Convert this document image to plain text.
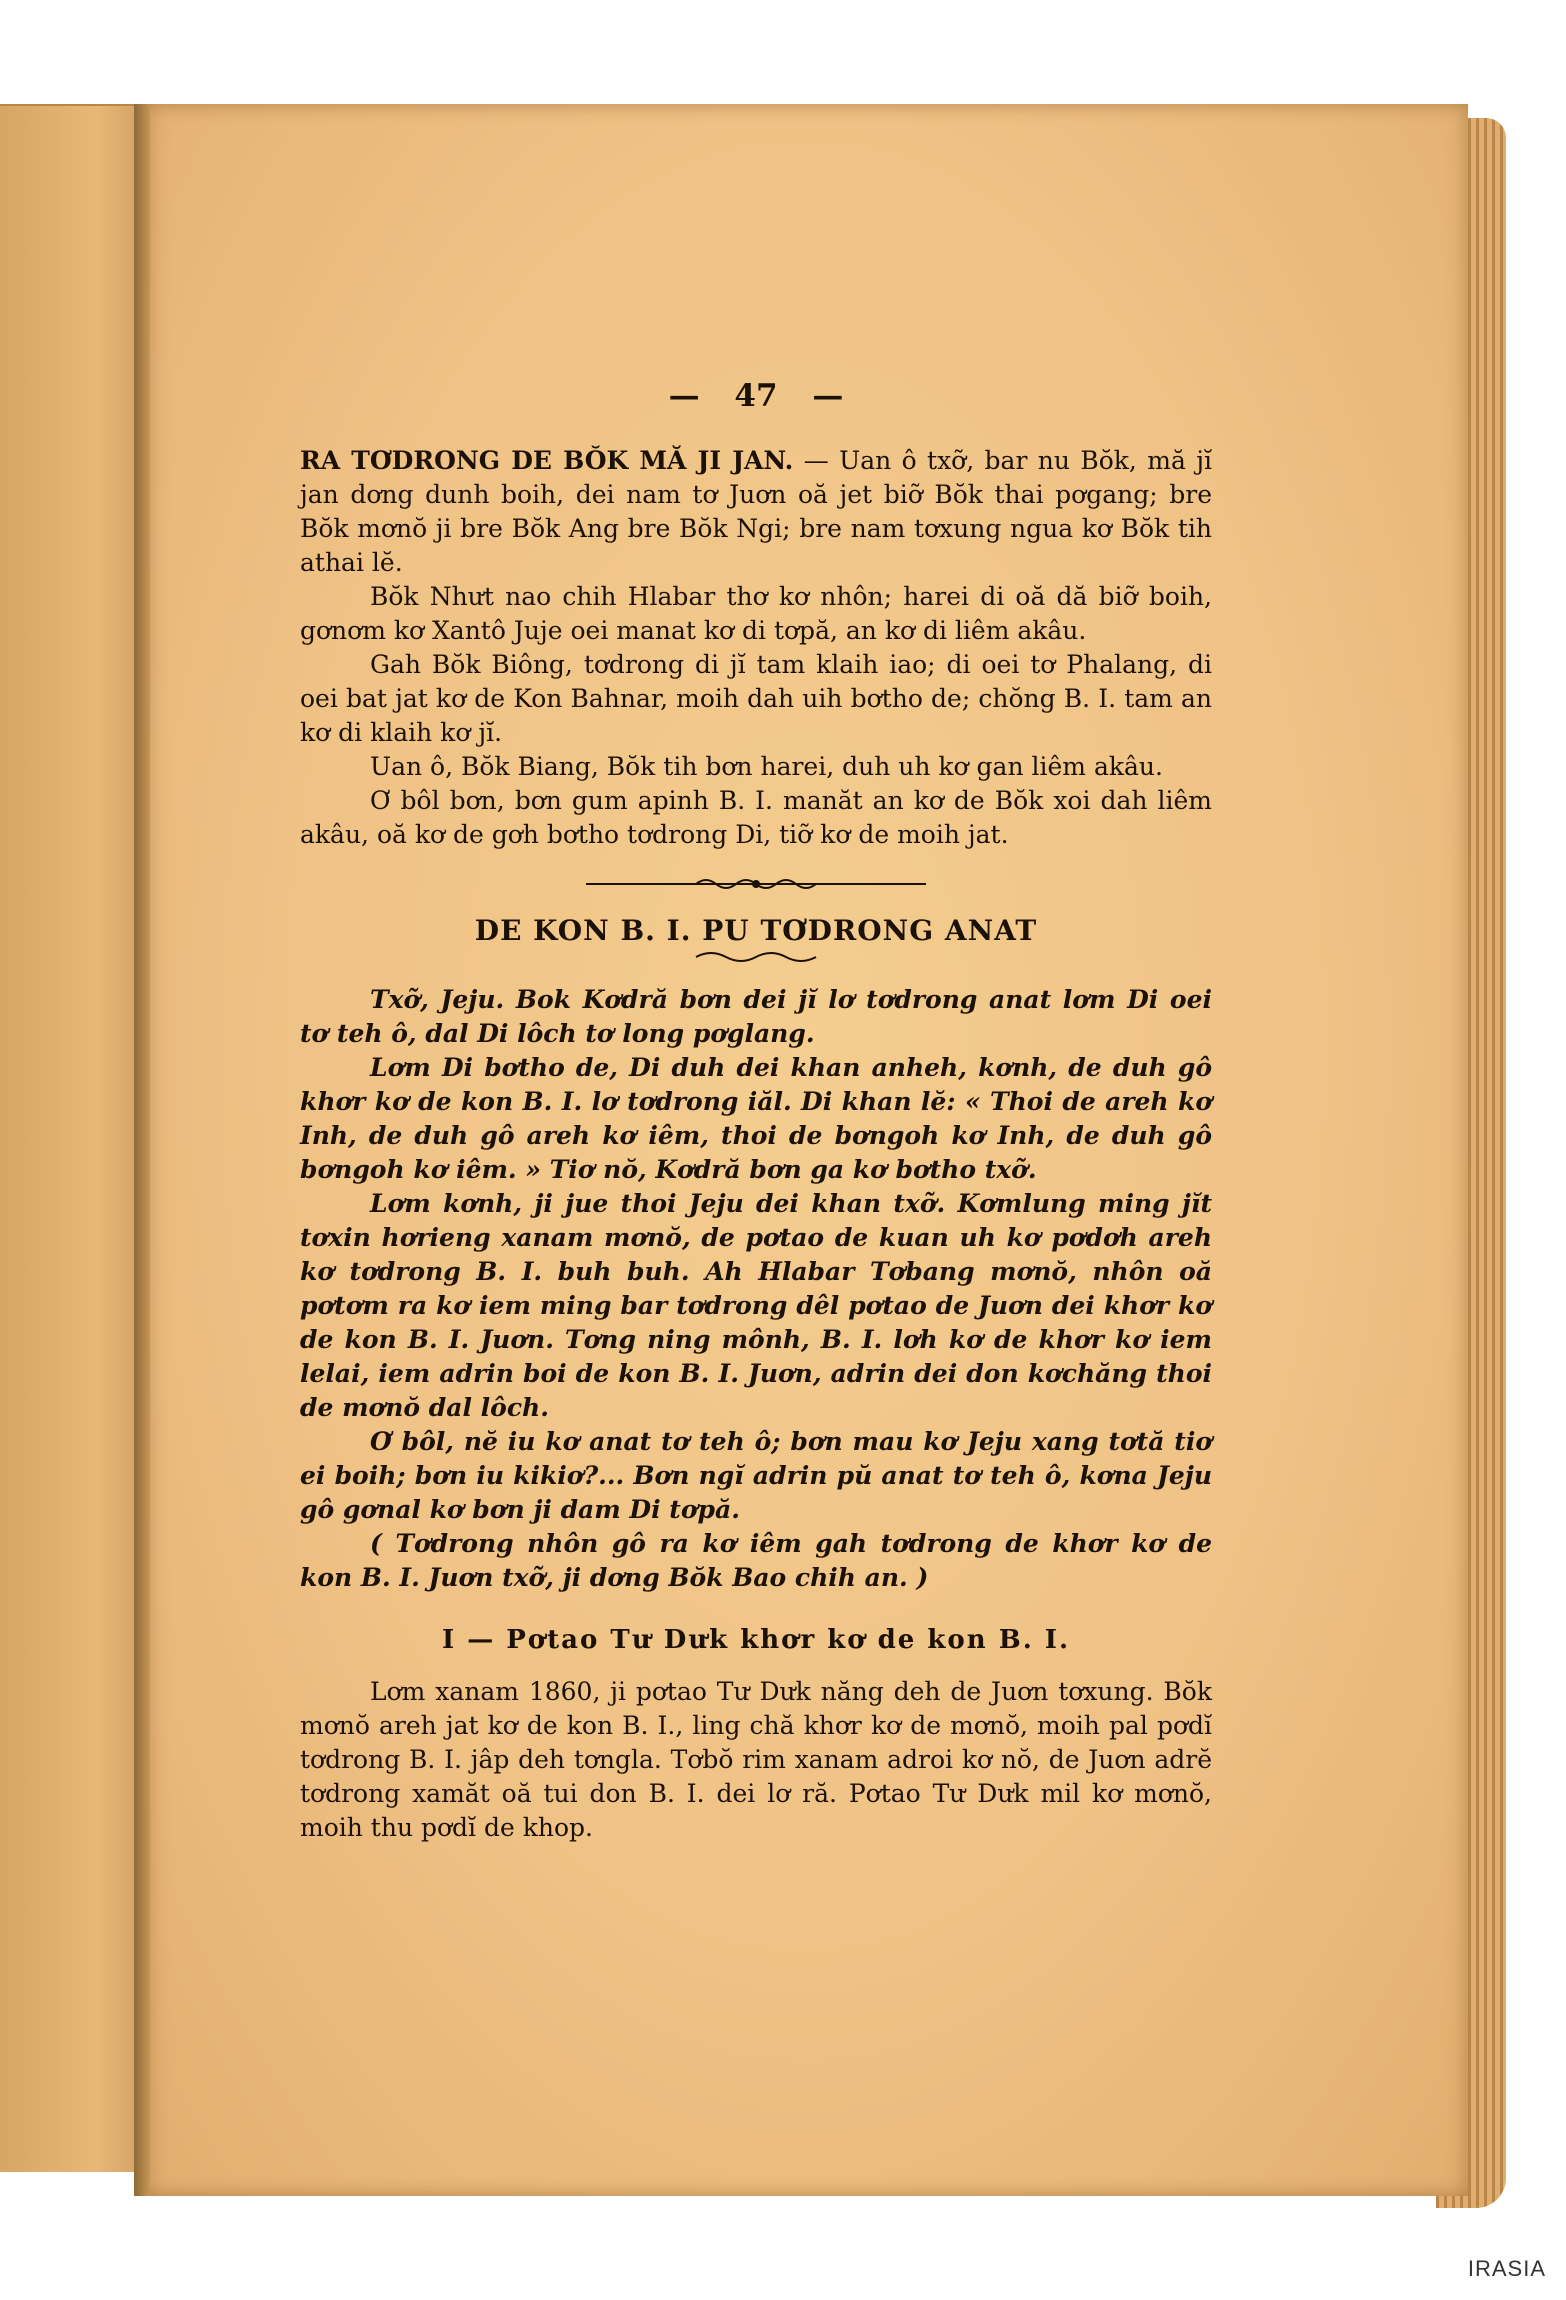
— 47 —

RA TƠDRONG DE BŎK MĂ JI JAN. — Uan ô txỡ, bar nu Bŏk, mă jĭ jan dơng dunh boih, dei nam tơ Juơn oă jet biỡ Bŏk thai pơgang; bre Bŏk mơnŏ ji bre Bŏk Ang bre Bŏk Ngi; bre nam tơxung ngua kơ Bŏk tih athai lĕ.

Bŏk Nhưt nao chih Hlabar thơ kơ nhôn; harei di oă dă biỡ boih, gơnơm kơ Xantô Juje oei manat kơ di tơpă, an kơ di liêm akâu.

Gah Bŏk Biông, tơdrong di jĭ tam klaih iao; di oei tơ Phalang, di oei bat jat kơ de Kon Bahnar, moih dah uih bơtho de; chŏng B. I. tam an kơ di klaih kơ jĭ.

Uan ô, Bŏk Biang, Bŏk tih bơn harei, duh uh kơ gan liêm akâu.

Ơ bôl bơn, bơn gum apinh B. I. manăt an kơ de Bŏk xoi dah liêm akâu, oă kơ de gơh bơtho tơdrong Di, tiỡ kơ de moih jat.

DE KON B. I. PU TƠDRONG ANAT

Txỡ, Jeju. Bok Kơdră bơn dei jĭ lơ tơdrong anat lơm Di oei tơ teh ô, dal Di lôch tơ long pơglang.

Lơm Di bơtho de, Di duh dei khan anheh, kơnh, de duh gô khơr kơ de kon B. I. lơ tơdrong iăl. Di khan lĕ: « Thoi de areh kơ Inh, de duh gô areh kơ iêm, thoi de bơngoh kơ Inh, de duh gô bơngoh kơ iêm. » Tiơ nŏ, Kơdră bơn ga kơ bơtho txỡ.

Lơm kơnh, ji jue thoi Jeju dei khan txỡ. Kơmlung ming jĭt tơxin hơrieng xanam mơnŏ, de pơtao de kuan uh kơ pơdơh areh kơ tơdrong B. I. buh buh. Ah Hlabar Tơbang mơnŏ, nhôn oă pơtơm ra kơ iem ming bar tơdrong dêl pơtao de Juơn dei khơr kơ de kon B. I. Juơn. Tơng ning mônh, B. I. lơh kơ de khơr kơ iem lelai, iem adrin boi de kon B. I. Juơn, adrin dei don kơchăng thoi de mơnŏ dal lôch.

Ơ bôl, nĕ iu kơ anat tơ teh ô; bơn mau kơ Jeju xang tơtă tiơ ei boih; bơn iu kikiơ?... Bơn ngĭ adrin pŭ anat tơ teh ô, kơna Jeju gô gơnal kơ bơn ji dam Di tơpă.

( Tơdrong nhôn gô ra kơ iêm gah tơdrong de khơr kơ de kon B. I. Juơn txỡ, ji dơng Bŏk Bao chih an. )

I — Pơtao Tư Dưk khơr kơ de kon B. I.

Lơm xanam 1860, ji pơtao Tư Dưk năng deh de Juơn tơxung. Bŏk mơnŏ areh jat kơ de kon B. I., ling chă khơr kơ de mơnŏ, moih pal pơdĭ tơdrong B. I. jâp deh tơngla. Tơbŏ rim xanam adroi kơ nŏ, de Juơn adrĕ tơdrong xamăt oă tui don B. I. dei lơ ră. Pơtao Tư Dưk mil kơ mơnŏ, moih thu pơdĭ de khop.

IRASIA
